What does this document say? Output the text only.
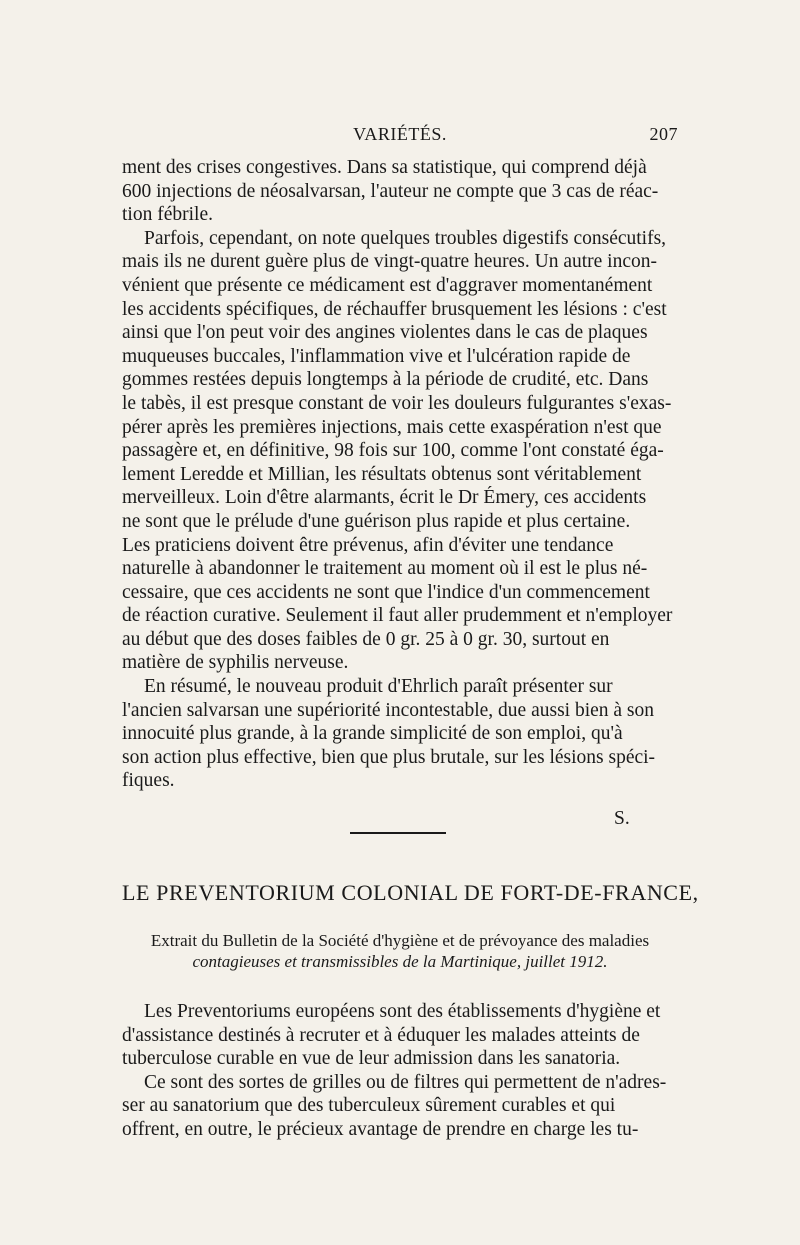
VARIÉTÉS.	207
ment des crises congestives. Dans sa statistique, qui comprend déjà
600 injections de néosalvarsan, l'auteur ne compte que 3 cas de réac-
tion fébrile.
Parfois, cependant, on note quelques troubles digestifs consécutifs,
mais ils ne durent guère plus de vingt-quatre heures. Un autre incon-
vénient que présente ce médicament est d'aggraver momentanément
les accidents spécifiques, de réchauffer brusquement les lésions : c'est
ainsi que l'on peut voir des angines violentes dans le cas de plaques
muqueuses buccales, l'inflammation vive et l'ulcération rapide de
gommes restées depuis longtemps à la période de crudité, etc. Dans
le tabès, il est presque constant de voir les douleurs fulgurantes s'exas-
pérer après les premières injections, mais cette exaspération n'est que
passagère et, en définitive, 98 fois sur 100, comme l'ont constaté éga-
lement Leredde et Millian, les résultats obtenus sont véritablement
merveilleux. Loin d'être alarmants, écrit le Dr Émery, ces accidents
ne sont que le prélude d'une guérison plus rapide et plus certaine.
Les praticiens doivent être prévenus, afin d'éviter une tendance
naturelle à abandonner le traitement au moment où il est le plus né-
cessaire, que ces accidents ne sont que l'indice d'un commencement
de réaction curative. Seulement il faut aller prudemment et n'employer
au début que des doses faibles de 0 gr. 25 à 0 gr. 30, surtout en
matière de syphilis nerveuse.
En résumé, le nouveau produit d'Ehrlich paraît présenter sur
l'ancien salvarsan une supériorité incontestable, due aussi bien à son
innocuité plus grande, à la grande simplicité de son emploi, qu'à
son action plus effective, bien que plus brutale, sur les lésions spéci-
fiques.
S.
LE PREVENTORIUM COLONIAL DE FORT-DE-FRANCE,
Extrait du Bulletin de la Société d'hygiène et de prévoyance des maladies
contagieuses et transmissibles de la Martinique, juillet 1912.
Les Preventoriums européens sont des établissements d'hygiène et
d'assistance destinés à recruter et à éduquer les malades atteints de
tuberculose curable en vue de leur admission dans les sanatoria.
Ce sont des sortes de grilles ou de filtres qui permettent de n'adres-
ser au sanatorium que des tuberculeux sûrement curables et qui
offrent, en outre, le précieux avantage de prendre en charge les tu-
